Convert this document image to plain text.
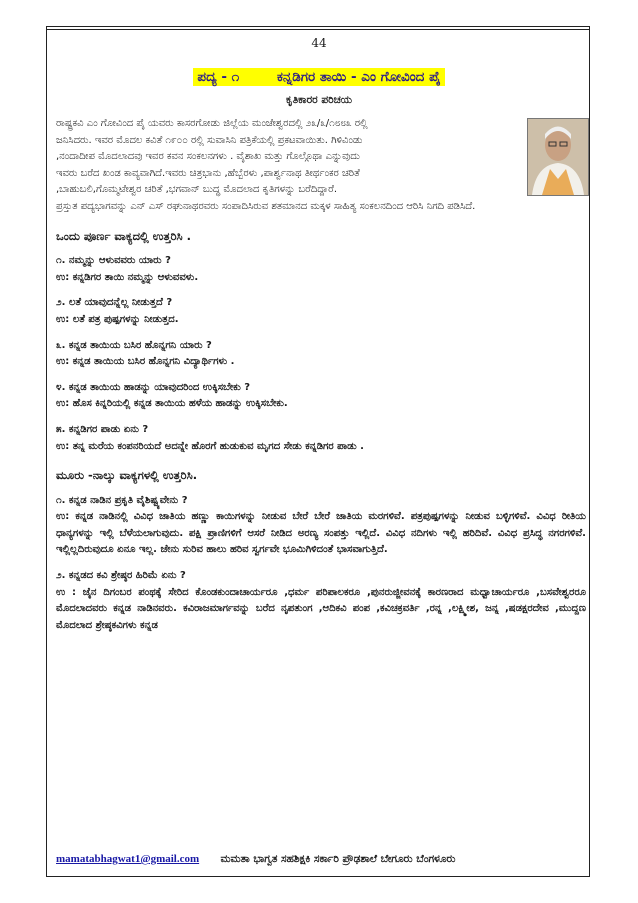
44
ಪದ್ಯ - ೧        ಕನ್ನಡಿಗರ ತಾಯಿ - ಎಂ ಗೋವಿಂದ ಪೈ
ಕೃತಿಕಾರರ ಪರಿಚಯ

ರಾಷ್ಟ್ರಕವಿ ಎಂ ಗೋವಿಂದ ಪೈ ಯವರು ಕಾಸರಗೋಡು ಜಿಲ್ಲೆಯ ಮಂಜೇಶ್ವರದಲ್ಲಿ ೨೩/೩/೧೮೮೩ ರಲ್ಲಿ

ಜನಿಸಿದರು. ಇವರ ಮೊದಲ ಕವಿತೆ ೧೯೦೦ ರಲ್ಲಿ ಸುವಾಸಿನಿ ಪತ್ರಿಕೆಯಲ್ಲಿ ಪ್ರಕಟವಾಯಿತು. ಗಿಳಿವಿಂಡು

,ನಂದಾದೀಪ ಮೊದಲಾದವು ಇವರ ಕವನ ಸಂಕಲನಗಳು . ವೈಶಾಖ ಮತ್ತು ಗೊಲ್ಗೊಥಾ ಎನ್ನುವುದು

ಇವರು ಬರೆದ ಖಂಡ ಕಾವ್ಯವಾಗಿದೆ.ಇವರು ಚಿತ್ರಭಾನು ,ಹೆಬ್ಬೆರಳು ,ಪಾರ್ಶ್ವನಾಥ ತೀರ್ಥಂಕರ ಚರಿತೆ

,ಬಾಹುಬಲಿ,ಗೊಮ್ಮಟೇಶ್ವರ ಚರಿತೆ ,ಭಗವಾನ್ ಬುದ್ಧ ಮೊದಲಾದ ಕೃತಿಗಳನ್ನು ಬರೆದಿದ್ದಾರೆ.

ಪ್ರಸ್ತುತ ಪದ್ಯಭಾಗವನ್ನು ಎನ್ ಎಸ್ ರಘುನಾಥರವರು ಸಂಪಾದಿಸಿರುವ ಶತಮಾನದ ಮಕ್ಕಳ ಸಾಹಿತ್ಯ ಸಂಕಲನದಿಂದ ಆರಿಸಿ ನಿಗದಿ ಪಡಿಸಿದೆ.

ಒಂದು ಪೂರ್ಣ ವಾಕ್ಯದಲ್ಲಿ ಉತ್ತರಿಸಿ .

೧. ನಮ್ಮನ್ನು ಆಳುವವರು ಯಾರು ?

ಉ: ಕನ್ನಡಿಗರ ತಾಯಿ ನಮ್ಮನ್ನು ಆಳುವವಳು.

೨. ಲತೆ ಯಾವುದನ್ನೆಲ್ಲ ನೀಡುತ್ತದೆ ?

ಉ: ಲತೆ ಪತ್ರ ಪುಷ್ಪಗಳನ್ನು ನೀಡುತ್ತದ.

೩. ಕನ್ನಡ ತಾಯಿಯ ಬಸಿರ ಹೊನ್ನಗನಿ ಯಾರು ?

ಉ: ಕನ್ನಡ ತಾಯಿಯ ಬಸಿರ ಹೊನ್ನಗನಿ ವಿದ್ಯಾರ್ಥಿಗಳು .

೪. ಕನ್ನಡ ತಾಯಿಯ ಹಾಡನ್ನು ಯಾವುದರಿಂದ ಉಕ್ಕಿಸಬೇಕು ?

ಉ: ಹೊಸ ಕಿನ್ನರಿಯಲ್ಲಿ ಕನ್ನಡ ತಾಯಿಯ ಹಳೆಯ ಹಾಡನ್ನು ಉಕ್ಕಿಸಬೇಕು.

೫. ಕನ್ನಡಿಗರ ಪಾಡು ಏನು ?

ಉ: ತನ್ನ ಮರೆಯ ಕಂಪನರಿಯದೆ ಅದನ್ನೇ ಹೊರಗೆ ಹುಡುಕುವ ಮೃಗದ ಸೇಡು ಕನ್ನಡಿಗರ ಪಾಡು .

ಮೂರು -ನಾಲ್ಕು ವಾಕ್ಯಗಳಲ್ಲಿ ಉತ್ತರಿಸಿ.

೧. ಕನ್ನಡ ನಾಡಿನ ಪ್ರಕೃತಿ ವೈಶಿಷ್ಟ್ಯವೇನು ?

ಉ: ಕನ್ನಡ ನಾಡಿನಲ್ಲಿ ವಿವಿಧ ಜಾತಿಯ ಹಣ್ಣು ಕಾಯಿಗಳನ್ನು ನೀಡುವ ಬೇರೆ ಬೇರೆ ಜಾತಿಯ ಮರಗಳಿವೆ. ಪತ್ರಪುಷ್ಪಗಳನ್ನು ನೀಡುವ ಬಳ್ಳಿಗಳಿವೆ. ವಿವಿಧ ರೀತಿಯ ಧಾನ್ಯಗಳನ್ನು ಇಲ್ಲಿ ಬೆಳೆಯಲಾಗುವುದು. ಪಕ್ಷಿ ಪ್ರಾಣಿಗಳಿಗೆ ಆಸರೆ ನೀಡಿದ ಅರಣ್ಯ ಸಂಪತ್ತು ಇಲ್ಲಿದೆ. ವಿವಿಧ ನದಿಗಳು ಇಲ್ಲಿ ಹರಿದಿವೆ. ವಿವಿಧ ಪ್ರಸಿದ್ಧ ನಗರಗಳಿವೆ. ಇಲ್ಲಿಲ್ಲದಿರುವುದೂ ಏನೂ ಇಲ್ಲ. ಜೇನು ಸುರಿವ ಹಾಲು ಹರಿವ ಸ್ವರ್ಗವೇ ಭೂಮಿಗಿಳಿದಂತೆ ಭಾಸವಾಗುತ್ತಿದೆ.

೨. ಕನ್ನಡದ ಕವಿ ಶ್ರೇಷ್ಠರ ಹಿರಿಮೆ ಏನು ?

ಉ : ಜೈನ ದಿಗಂಬರ ಪಂಥಕ್ಕೆ ಸೇರಿದ ಕೊಂಡಕುಂದಾಚಾರ್ಯರೂ ,ಧರ್ಮ ಪರಿಪಾಲಕರೂ ,ಪುನರುಜ್ಜೀವನಕ್ಕೆ ಕಾರಣರಾದ ಮಧ್ವಾಚಾರ್ಯರೂ ,ಬಸವೇಶ್ವರರೂ ಮೊದಲಾದವರು ಕನ್ನಡ ನಾಡಿನವರು. ಕವಿರಾಜಮಾರ್ಗವನ್ನು ಬರೆದ ನೃಪತುಂಗ ,ಆದಿಕವಿ ಪಂಪ ,ಕವಿಚಕ್ರವರ್ತಿ ,ರನ್ನ ,ಲಕ್ಷ್ಮೀಶ, ಜನ್ನ ,ಷಡಕ್ಷರದೇವ ,ಮುದ್ದಣ ಮೊದಲಾದ ಶ್ರೇಷ್ಠಕವಿಗಳು ಕನ್ನಡ

mamatabhagwat1@gmail.com ಮಮತಾ ಭಾಗ್ವತ ಸಹಶಿಕ್ಷಕಿ ಸರ್ಕಾರಿ ಪ್ರೌಢಶಾಲೆ ಬೇಗೂರು ಬೆಂಗಳೂರು
